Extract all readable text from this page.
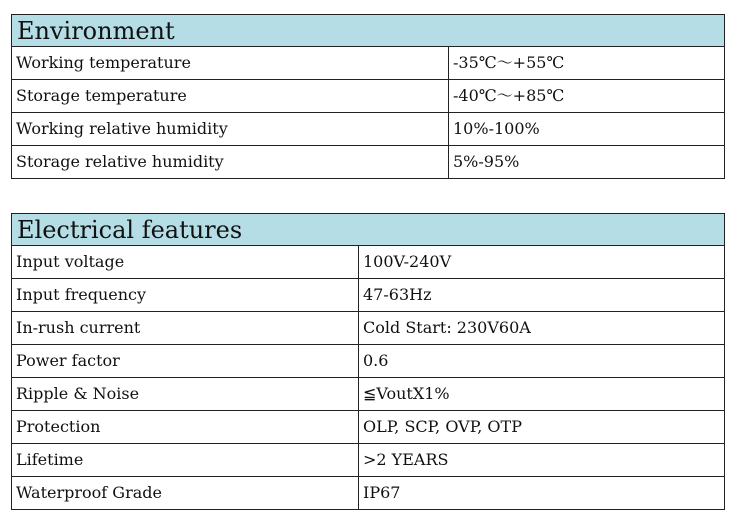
Environment	
Working temperature	-35℃～+55℃
Storage temperature	-40℃～+85℃
Working relative humidity	10%-100%
Storage relative humidity	5%-95%
Electrical features	
Input voltage	100V-240V
Input frequency	47-63Hz
In-rush current	Cold Start: 230V60A
Power factor	0.6
Ripple & Noise	≦VoutX1%
Protection	OLP, SCP, OVP, OTP
Lifetime	>2 YEARS
Waterproof Grade	IP67
